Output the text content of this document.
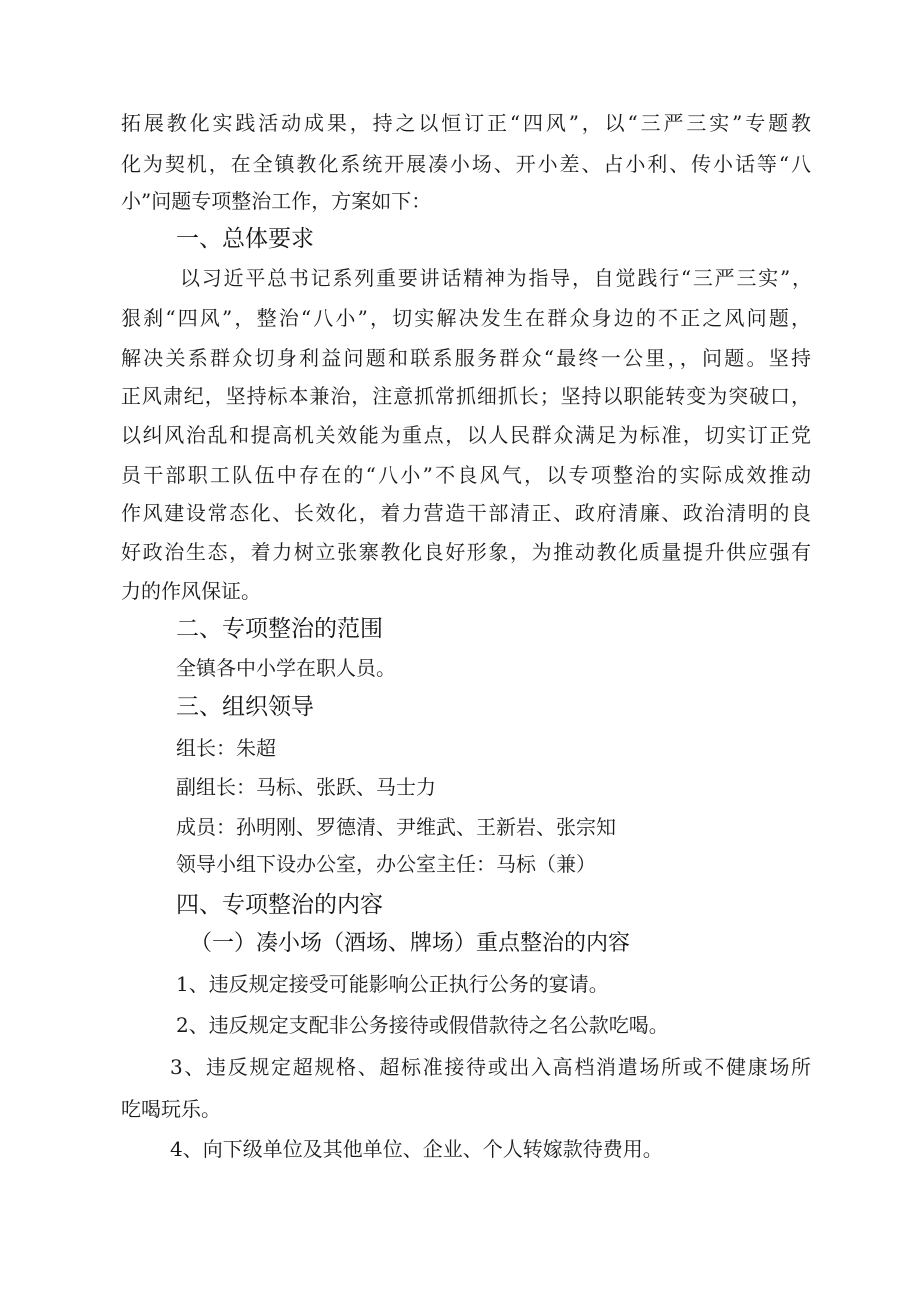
拓展教化实践活动成果，持之以恒订正“四风”，以“三严三实”专题教
化为契机，在全镇教化系统开展凑小场、开小差、占小利、传小话等“八
小”问题专项整治工作，方案如下：
一、总体要求
以习近平总书记系列重要讲话精神为指导，自觉践行“三严三实”，
狠刹“四风”，整治“八小”，切实解决发生在群众身边的不正之风问题，
解决关系群众切身利益问题和联系服务群众“最终一公里，，问题。坚持
正风肃纪，坚持标本兼治，注意抓常抓细抓长；坚持以职能转变为突破口，
以纠风治乱和提高机关效能为重点，以人民群众满足为标准，切实订正党
员干部职工队伍中存在的“八小”不良风气，以专项整治的实际成效推动
作风建设常态化、长效化，着力营造干部清正、政府清廉、政治清明的良
好政治生态，着力树立张寨教化良好形象，为推动教化质量提升供应强有
力的作风保证。
二、专项整治的范围
全镇各中小学在职人员。
三、组织领导
组长：朱超
副组长：马标、张跃、马士力
成员：孙明刚、罗德清、尹维武、王新岩、张宗知
领导小组下设办公室，办公室主任：马标（兼）
四、专项整治的内容
（一）凑小场（酒场、牌场）重点整治的内容
1、违反规定接受可能影响公正执行公务的宴请。
2、违反规定支配非公务接待或假借款待之名公款吃喝。
3、违反规定超规格、超标准接待或出入高档消遣场所或不健康场所
吃喝玩乐。
4、向下级单位及其他单位、企业、个人转嫁款待费用。
